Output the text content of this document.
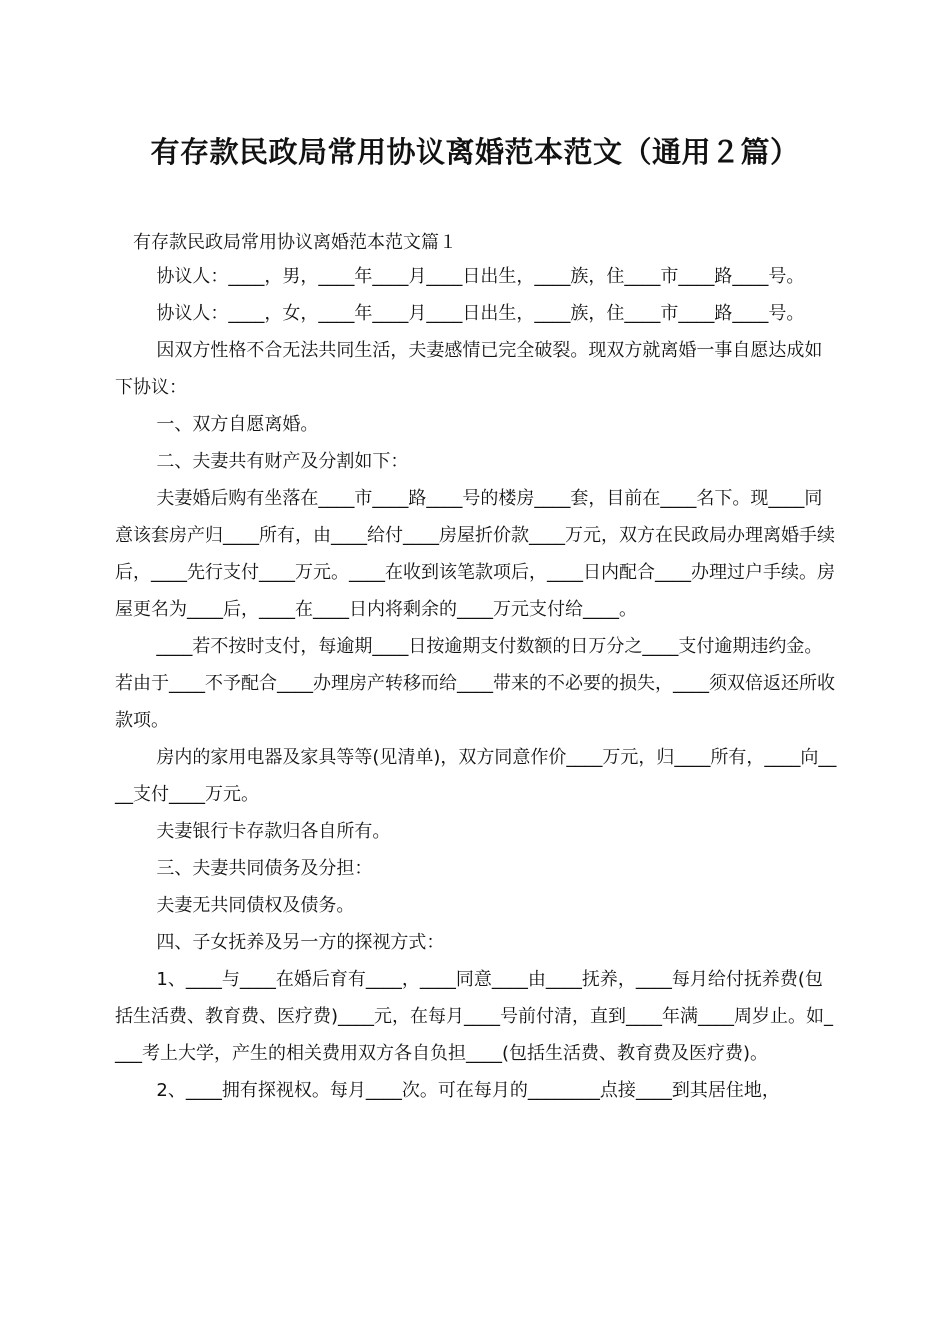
有存款民政局常用协议离婚范本范文（通用２篇）
有存款民政局常用协议离婚范本范文篇１

协议人：____，男，____年____月____日出生，____族，住____市____路____号。

协议人：____，女，____年____月____日出生，____族，住____市____路____号。

因双方性格不合无法共同生活，夫妻感情已完全破裂。现双方就离婚一事自愿达成如下协议：

一、双方自愿离婚。

二、夫妻共有财产及分割如下：

夫妻婚后购有坐落在____市____路____号的楼房____套，目前在____名下。现____同意该套房产归____所有，由____给付____房屋折价款____万元，双方在民政局办理离婚手续后，____先行支付____万元。____在收到该笔款项后，____日内配合____办理过户手续。房屋更名为____后，____在____日内将剩余的____万元支付给____。

____若不按时支付，每逾期____日按逾期支付数额的日万分之____支付逾期违约金。若由于____不予配合____办理房产转移而给____带来的不必要的损失，____须双倍返还所收款项。

房内的家用电器及家具等等(见清单)，双方同意作价____万元，归____所有，____向____支付____万元。

夫妻银行卡存款归各自所有。

三、夫妻共同债务及分担：

夫妻无共同债权及债务。

四、子女抚养及另一方的探视方式：

1、____与____在婚后育有____，____同意____由____抚养，____每月给付抚养费(包括生活费、教育费、医疗费)____元，在每月____号前付清，直到____年满____周岁止。如____考上大学，产生的相关费用双方各自负担____(包括生活费、教育费及医疗费)。

2、____拥有探视权。每月____次。可在每月的________点接____到其居住地，
